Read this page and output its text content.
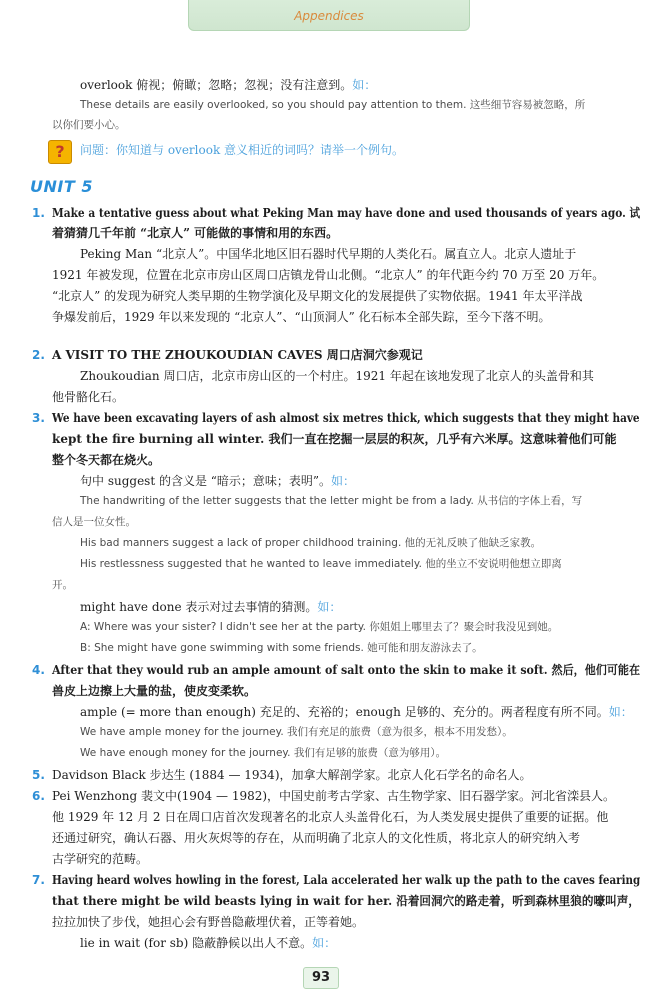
Appendices
overlook 俯视；俯瞰；忽略；忽视；没有注意到。如：
These details are easily overlooked, so you should pay attention to them. 这些细节容易被忽略，所
以你们要小心。
?	问题：你知道与 overlook 意义相近的词吗？请举一个例句。
UNIT 5
1. Make a tentative guess about what Peking Man may have done and used thousands of years ago. 试
着猜猜几千年前 “北京人” 可能做的事情和用的东西。
Peking Man “北京人”。中国华北地区旧石器时代早期的人类化石。属直立人。北京人遗址于
1921 年被发现，位置在北京市房山区周口店镇龙骨山北侧。“北京人” 的年代距今约 70 万至 20 万年。
“北京人” 的发现为研究人类早期的生物学演化及早期文化的发展提供了实物依据。1941 年太平洋战
争爆发前后，1929 年以来发现的 “北京人”、“山顶洞人” 化石标本全部失踪，至今下落不明。
2. A VISIT TO THE ZHOUKOUDIAN CAVES 周口店洞穴参观记
Zhoukoudian 周口店，北京市房山区的一个村庄。1921 年起在该地发现了北京人的头盖骨和其
他骨骼化石。
3. We have been excavating layers of ash almost six metres thick, which suggests that they might have
kept the fire burning all winter. 我们一直在挖掘一层层的积灰，几乎有六米厚。这意味着他们可能
整个冬天都在烧火。
句中 suggest 的含义是 “暗示；意味；表明”。如：
The handwriting of the letter suggests that the letter might be from a lady. 从书信的字体上看，写
信人是一位女性。
His bad manners suggest a lack of proper childhood training. 他的无礼反映了他缺乏家教。
His restlessness suggested that he wanted to leave immediately. 他的坐立不安说明他想立即离
开。
might have done 表示对过去事情的猜测。如：
A: Where was your sister? I didn't see her at the party. 你姐姐上哪里去了？聚会时我没见到她。
B: She might have gone swimming with some friends. 她可能和朋友游泳去了。
4. After that they would rub an ample amount of salt onto the skin to make it soft. 然后，他们可能在
兽皮上边擦上大量的盐，使皮变柔软。
ample (= more than enough) 充足的、充裕的；enough 足够的、充分的。两者程度有所不同。如：
We have ample money for the journey. 我们有充足的旅费（意为很多，根本不用发愁）。
We have enough money for the journey. 我们有足够的旅费（意为够用）。
5. Davidson Black 步达生 (1884 — 1934)，加拿大解剖学家。北京人化石学名的命名人。
6. Pei Wenzhong 裴文中(1904 — 1982)，中国史前考古学家、古生物学家、旧石器学家。河北省滦县人。
他 1929 年 12 月 2 日在周口店首次发现著名的北京人头盖骨化石，为人类发展史提供了重要的证据。他
还通过研究，确认石器、用火灰烬等的存在，从而明确了北京人的文化性质，将北京人的研究纳入考
古学研究的范畴。
7. Having heard wolves howling in the forest, Lala accelerated her walk up the path to the caves fearing
that there might be wild beasts lying in wait for her. 沿着回洞穴的路走着，听到森林里狼的嚎叫声，
拉拉加快了步伐，她担心会有野兽隐蔽埋伏着，正等着她。
lie in wait (for sb) 隐蔽静候以出人不意。如：
93
